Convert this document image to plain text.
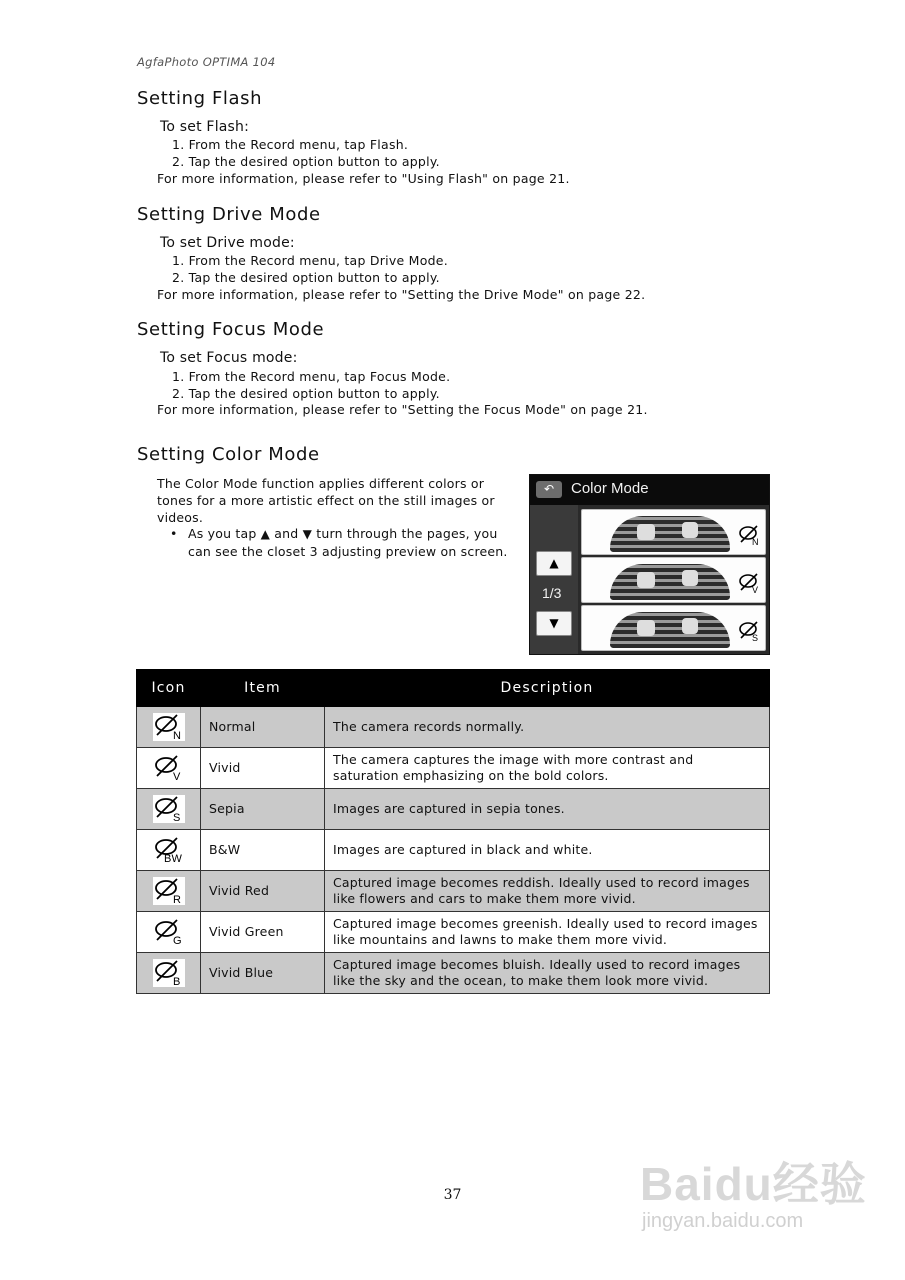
AgfaPhoto OPTIMA 104
Setting Flash
To set Flash:
1. From the Record menu, tap Flash.
2. Tap the desired option button to apply.
For more information, please refer to "Using Flash" on page 21.
Setting Drive Mode
To set Drive mode:
1. From the Record menu, tap Drive Mode.
2. Tap the desired option button to apply.
For more information, please refer to "Setting the Drive Mode" on page 22.
Setting Focus Mode
To set Focus mode:
1. From the Record menu, tap Focus Mode.
2. Tap the desired option button to apply.
For more information, please refer to "Setting the Focus Mode" on page 21.
Setting Color Mode
The Color Mode function applies different colors or tones for a more artistic effect on the still images or videos.
• As you tap ▲ and ▼ turn through the pages, you can see the closet 3 adjusting preview on screen.
↶	Color Mode
▲
1/3
▼
N
V
S
Icon	Item	Description

N	Normal	The camera records normally.

V	Vivid	The camera captures the image with more contrast and saturation emphasizing on the bold colors.

S	Sepia	Images are captured in sepia tones.

BW	B&W	Images are captured in black and white.

R	Vivid Red	Captured image becomes reddish. Ideally used to record images like flowers and cars to make them more vivid.

G	Vivid Green	Captured image becomes greenish. Ideally used to record images like mountains and lawns to make them more vivid.

B	Vivid Blue	Captured image becomes bluish. Ideally used to record images like the sky and the ocean, to make them look more vivid.
37	Baidu经验
jingyan.baidu.com
